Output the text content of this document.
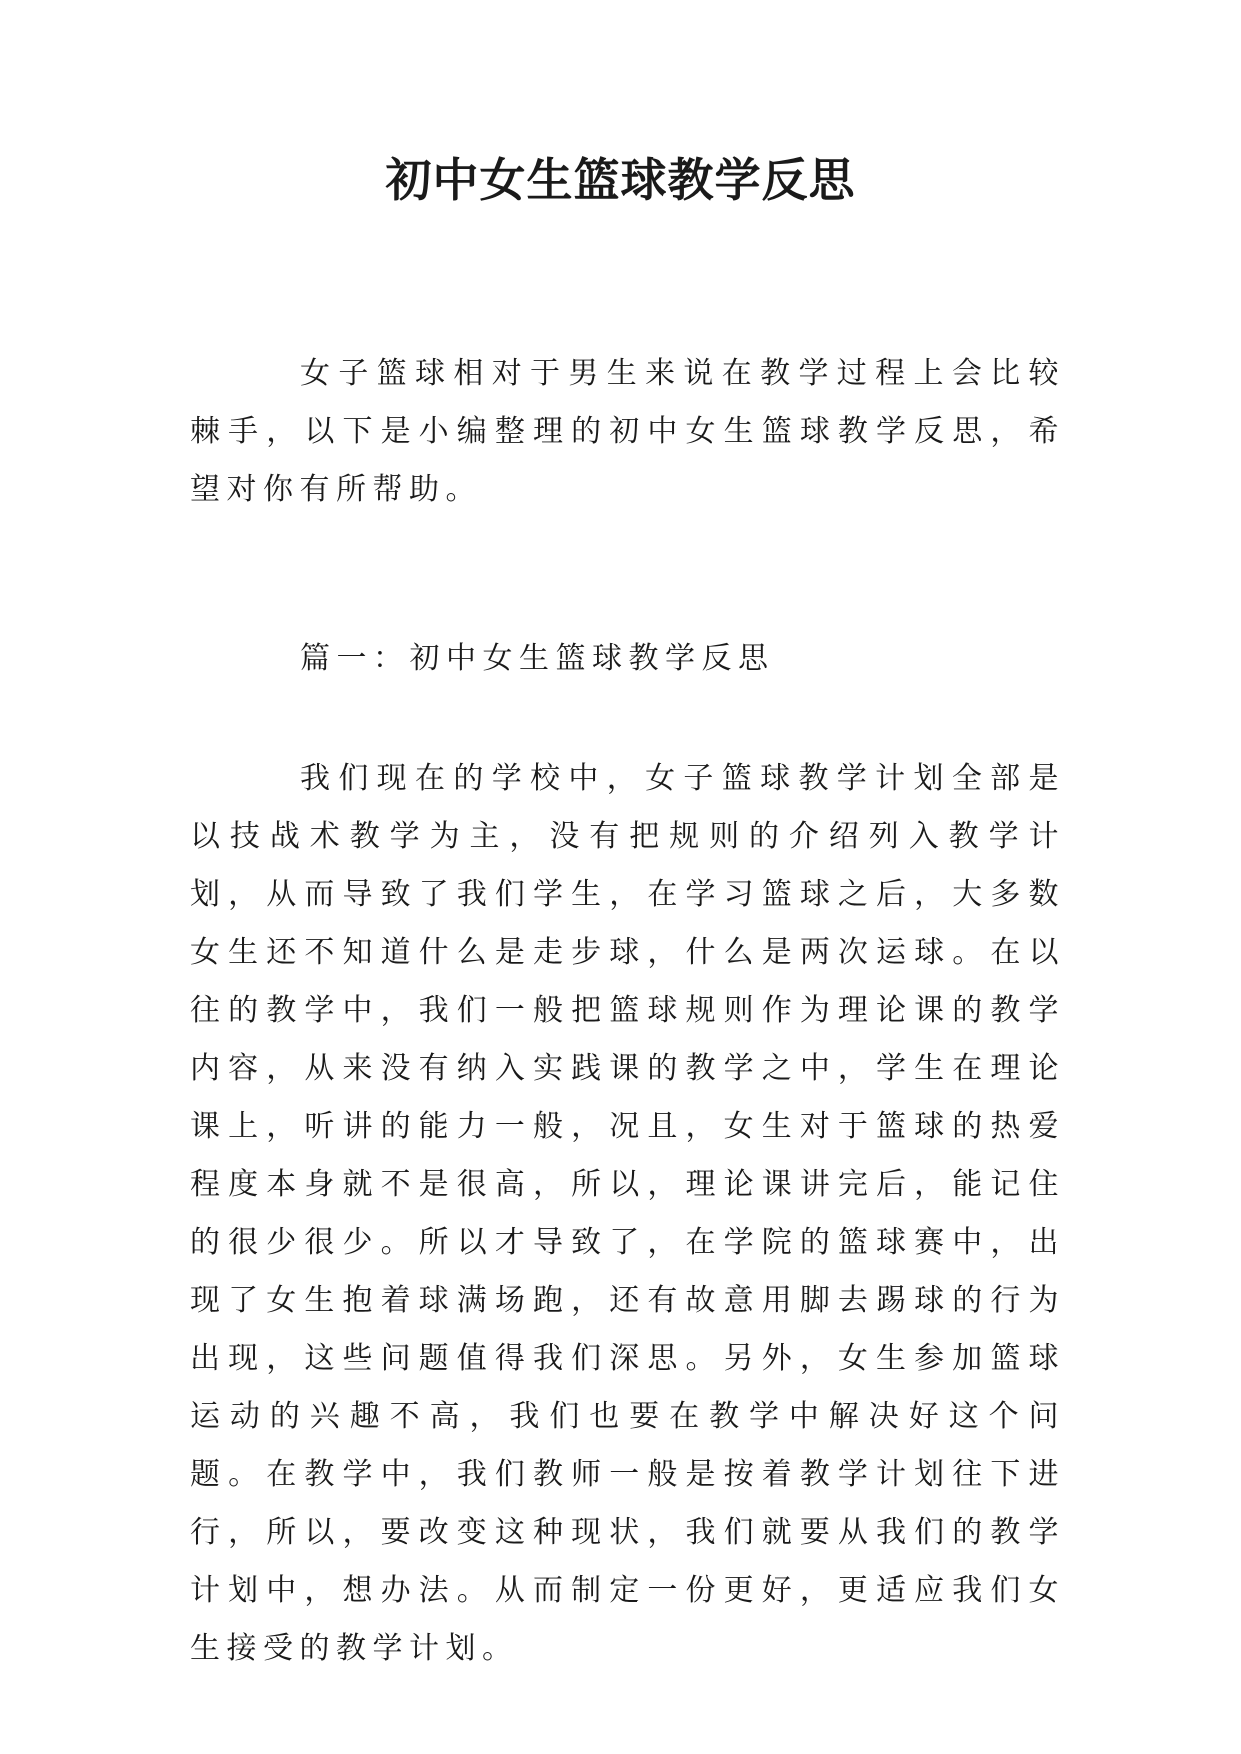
初中女生篮球教学反思

女子篮球相对于男生来说在教学过程上会比较棘手，以下是小编整理的初中女生篮球教学反思，希望对你有所帮助。

篇一：初中女生篮球教学反思

我们现在的学校中，女子篮球教学计划全部是以技战术教学为主，没有把规则的介绍列入教学计划，从而导致了我们学生，在学习篮球之后，大多数女生还不知道什么是走步球，什么是两次运球。在以往的教学中，我们一般把篮球规则作为理论课的教学内容，从来没有纳入实践课的教学之中，学生在理论课上，听讲的能力一般，况且，女生对于篮球的热爱程度本身就不是很高，所以，理论课讲完后，能记住的很少很少。所以才导致了，在学院的篮球赛中，出现了女生抱着球满场跑，还有故意用脚去踢球的行为出现，这些问题值得我们深思。另外，女生参加篮球运动的兴趣不高，我们也要在教学中解决好这个问题。在教学中，我们教师一般是按着教学计划往下进行，所以，要改变这种现状，我们就要从我们的教学计划中，想办法。从而制定一份更好，更适应我们女生接受的教学计划。
